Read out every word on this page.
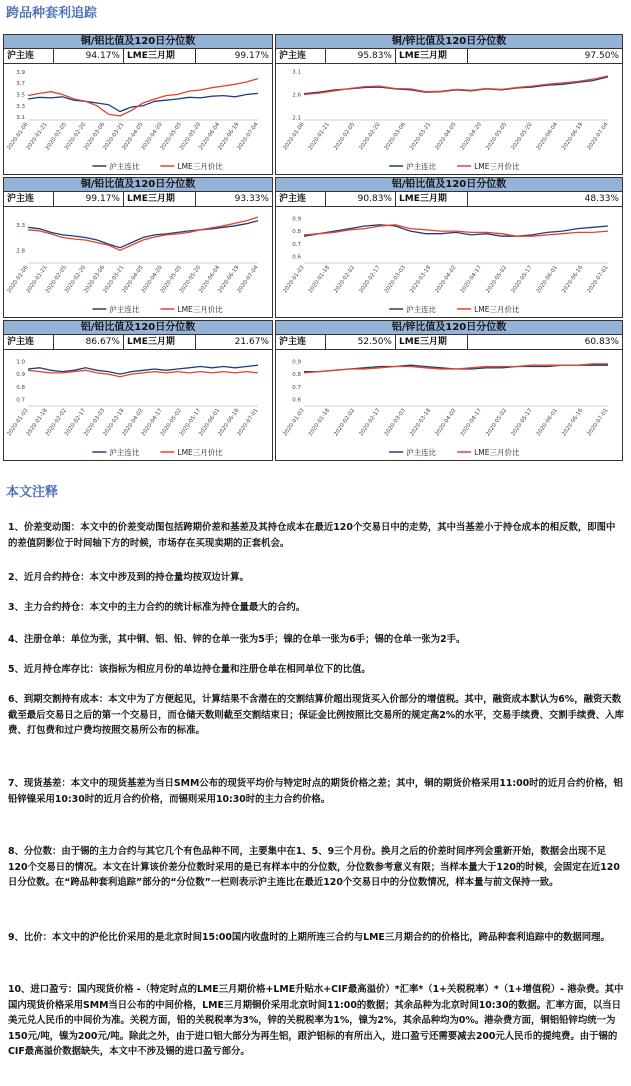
跨品种套利追踪
铜/铝比值及120日分位数
沪主连	94.17% LME三月期	99.17%
3.1
3.3
3.5
3.7
3.9
2020-01-06
2020-01-21
2020-02-05
2020-02-20
2020-03-06
2020-03-21
2020-04-05
2020-04-20
2020-05-05
2020-05-20
2020-06-04
2020-06-19
2020-07-04
沪主连比	LME三月价比
铜/锌比值及120日分位数
沪主连	95.83% LME三月期	97.50%
2.1
2.6
3.1
2020-01-06 2020-01-21 2020-02-05 2020-02-20 2020-03-06 2020-03-21 2020-04-05 2020-04-20 2020-05-05 2020-05-20 2020-06-04 2020-06-19 2020-07-04
沪主连比	LME三月价比
铜/铅比值及120日分位数
沪主连	99.17% LME三月期	93.33%
2.8
3.3
2020-01-06
2020-01-21
2020-02-05
2020-02-20
2020-03-06
2020-03-21
2020-04-05
2020-04-20
2020-05-05
2020-05-20
2020-06-04
2020-06-19
2020-07-04
沪主连比	LME三月价比
铝/铅比值及120日分位数
沪主连	90.83% LME三月期	48.33%
0.6
0.7
0.8
0.9
2020-01-03 2020-01-18 2020-02-02 2020-02-17 2020-03-03 2020-03-18 2020-04-02 2020-04-17 2020-05-02 2020-05-17 2020-06-01 2020-06-16 2020-07-01
沪主连比	LME三月价比
铝/铅比值及120日分位数
沪主连	86.67% LME三月期	21.67%
0.7
0.8
0.9
1.0
2020-01-03
2020-01-18
2020-02-02
2020-02-17
2020-03-03
2020-03-18
2020-04-02
2020-04-17
2020-05-02
2020-05-17
2020-06-01
2020-06-16
2020-07-01
沪主连比	LME三月价比
铝/锌比值及120日分位数
沪主连	52.50% LME三月期	60.83%
0.6
0.7
0.8
0.9
2020-01-03 2020-01-18 2020-02-02 2020-02-17 2020-03-03 2020-03-18 2020-04-02 2020-04-17 2020-05-02 2020-05-17 2020-06-01 2020-06-16 2020-07-01
沪主连比	LME三月价比
本文注释
1、价差变动图：本文中的价差变动图包括跨期价差和基差及其持仓成本在最近120个交易日中的走势，其中当基差小于持仓成本的相反数，即图中的差值阴影位于时间轴下方的时候，市场存在买现卖期的正套机会。
2、近月合约持仓：本文中涉及到的持仓量均按双边计算。
3、主力合约持仓：本文中的主力合约的统计标准为持仓量最大的合约。
4、注册仓单：单位为张，其中铜、铝、铅、锌的仓单一张为5手；镍的仓单一张为6手；锡的仓单一张为2手。
5、近月持仓库存比：该指标为相应月份的单边持仓量和注册仓单在相同单位下的比值。
6、到期交割持有成本：本文中为了方便起见，计算结果不含潜在的交割结算价超出现货买入价部分的增值税。其中，融资成本默认为6%，融资天数截至最后交易日之后的第一个交易日，而仓储天数则截至交割结束日；保证金比例按照比交易所的规定高2%的水平，交易手续费、交割手续费、入库费、打包费和过户费均按照交易所公布的标准。
7、现货基差：本文中的现货基差为当日SMM公布的现货平均价与特定时点的期货价格之差；其中，铜的期货价格采用11:00时的近月合约价格，铝铅锌镍采用10:30时的近月合约价格，而锡则采用10:30时的主力合约价格。
8、分位数：由于锡的主力合约与其它几个有色品种不同，主要集中在1、5、9三个月份。换月之后的价差时间序列会重新开始，数据会出现不足120个交易日的情况。本文在计算该价差分位数时采用的是已有样本中的分位数，分位数参考意义有限；当样本量大于120的时候，会固定在近120日分位数。在“跨品种套利追踪”部分的“分位数”一栏则表示沪主连比在最近120个交易日中的分位数情况，样本量与前文保持一致。
9、比价：本文中的沪伦比价采用的是北京时间15:00国内收盘时的上期所连三合约与LME三月期合约的价格比，跨品种套利追踪中的数据同理。
10、进口盈亏：国内现货价格 -（特定时点的LME三月期价格+LME升贴水+CIF最高溢价）*汇率*（1+关税税率）*（1+增值税）- 港杂费。其中国内现货价格采用SMM当日公布的中间价格，LME三月期铜价采用北京时间11:00的数据；其余品种为北京时间10:30的数据。汇率方面，以当日美元兑人民币的中间价为准。关税方面，铅的关税税率为3%，锌的关税税率为1%，镍为2%，其余品种均为0%。港杂费方面，铜铝铅锌均统一为150元/吨，镍为200元/吨。除此之外，由于进口铝大部分为再生铝，跟沪铝标的有所出入，进口盈亏还需要减去200元人民币的提纯费。由于锡的CIF最高溢价数据缺失，本文中不涉及锡的进口盈亏部分。
